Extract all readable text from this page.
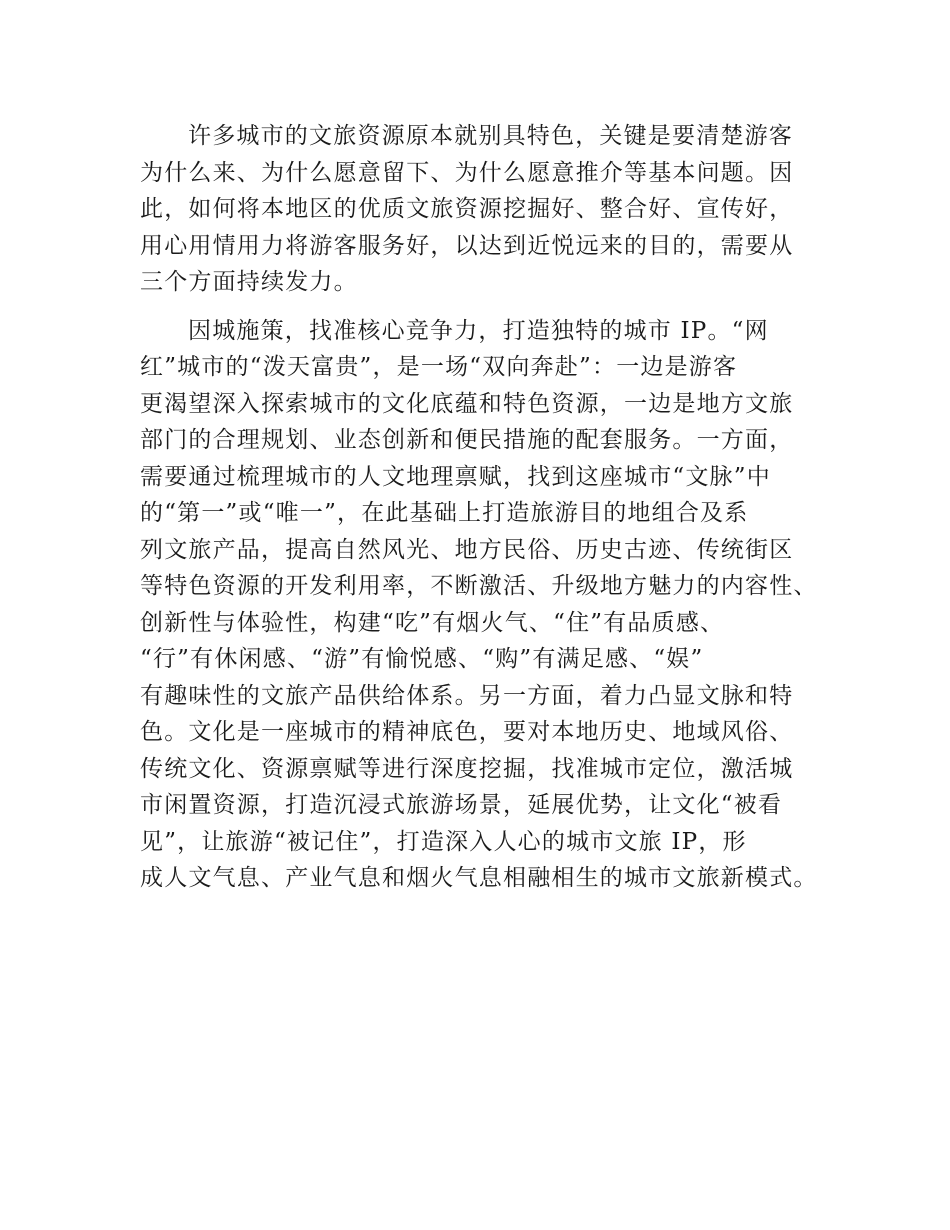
许多城市的文旅资源原本就别具特色，关键是要清楚游客
为什么来、为什么愿意留下、为什么愿意推介等基本问题。因
此，如何将本地区的优质文旅资源挖掘好、整合好、宣传好，
用心用情用力将游客服务好，以达到近悦远来的目的，需要从
三个方面持续发力。
因城施策，找准核心竞争力，打造独特的城市 IP。“网
红”城市的“泼天富贵”，是一场“双向奔赴”：一边是游客
更渴望深入探索城市的文化底蕴和特色资源，一边是地方文旅
部门的合理规划、业态创新和便民措施的配套服务。一方面，
需要通过梳理城市的人文地理禀赋，找到这座城市“文脉”中
的“第一”或“唯一”，在此基础上打造旅游目的地组合及系
列文旅产品，提高自然风光、地方民俗、历史古迹、传统街区
等特色资源的开发利用率，不断激活、升级地方魅力的内容性、
创新性与体验性，构建“吃”有烟火气、“住”有品质感、
“行”有休闲感、“游”有愉悦感、“购”有满足感、“娱”
有趣味性的文旅产品供给体系。另一方面，着力凸显文脉和特
色。文化是一座城市的精神底色，要对本地历史、地域风俗、
传统文化、资源禀赋等进行深度挖掘，找准城市定位，激活城
市闲置资源，打造沉浸式旅游场景，延展优势，让文化“被看
见”，让旅游“被记住”，打造深入人心的城市文旅 IP，形
成人文气息、产业气息和烟火气息相融相生的城市文旅新模式。
